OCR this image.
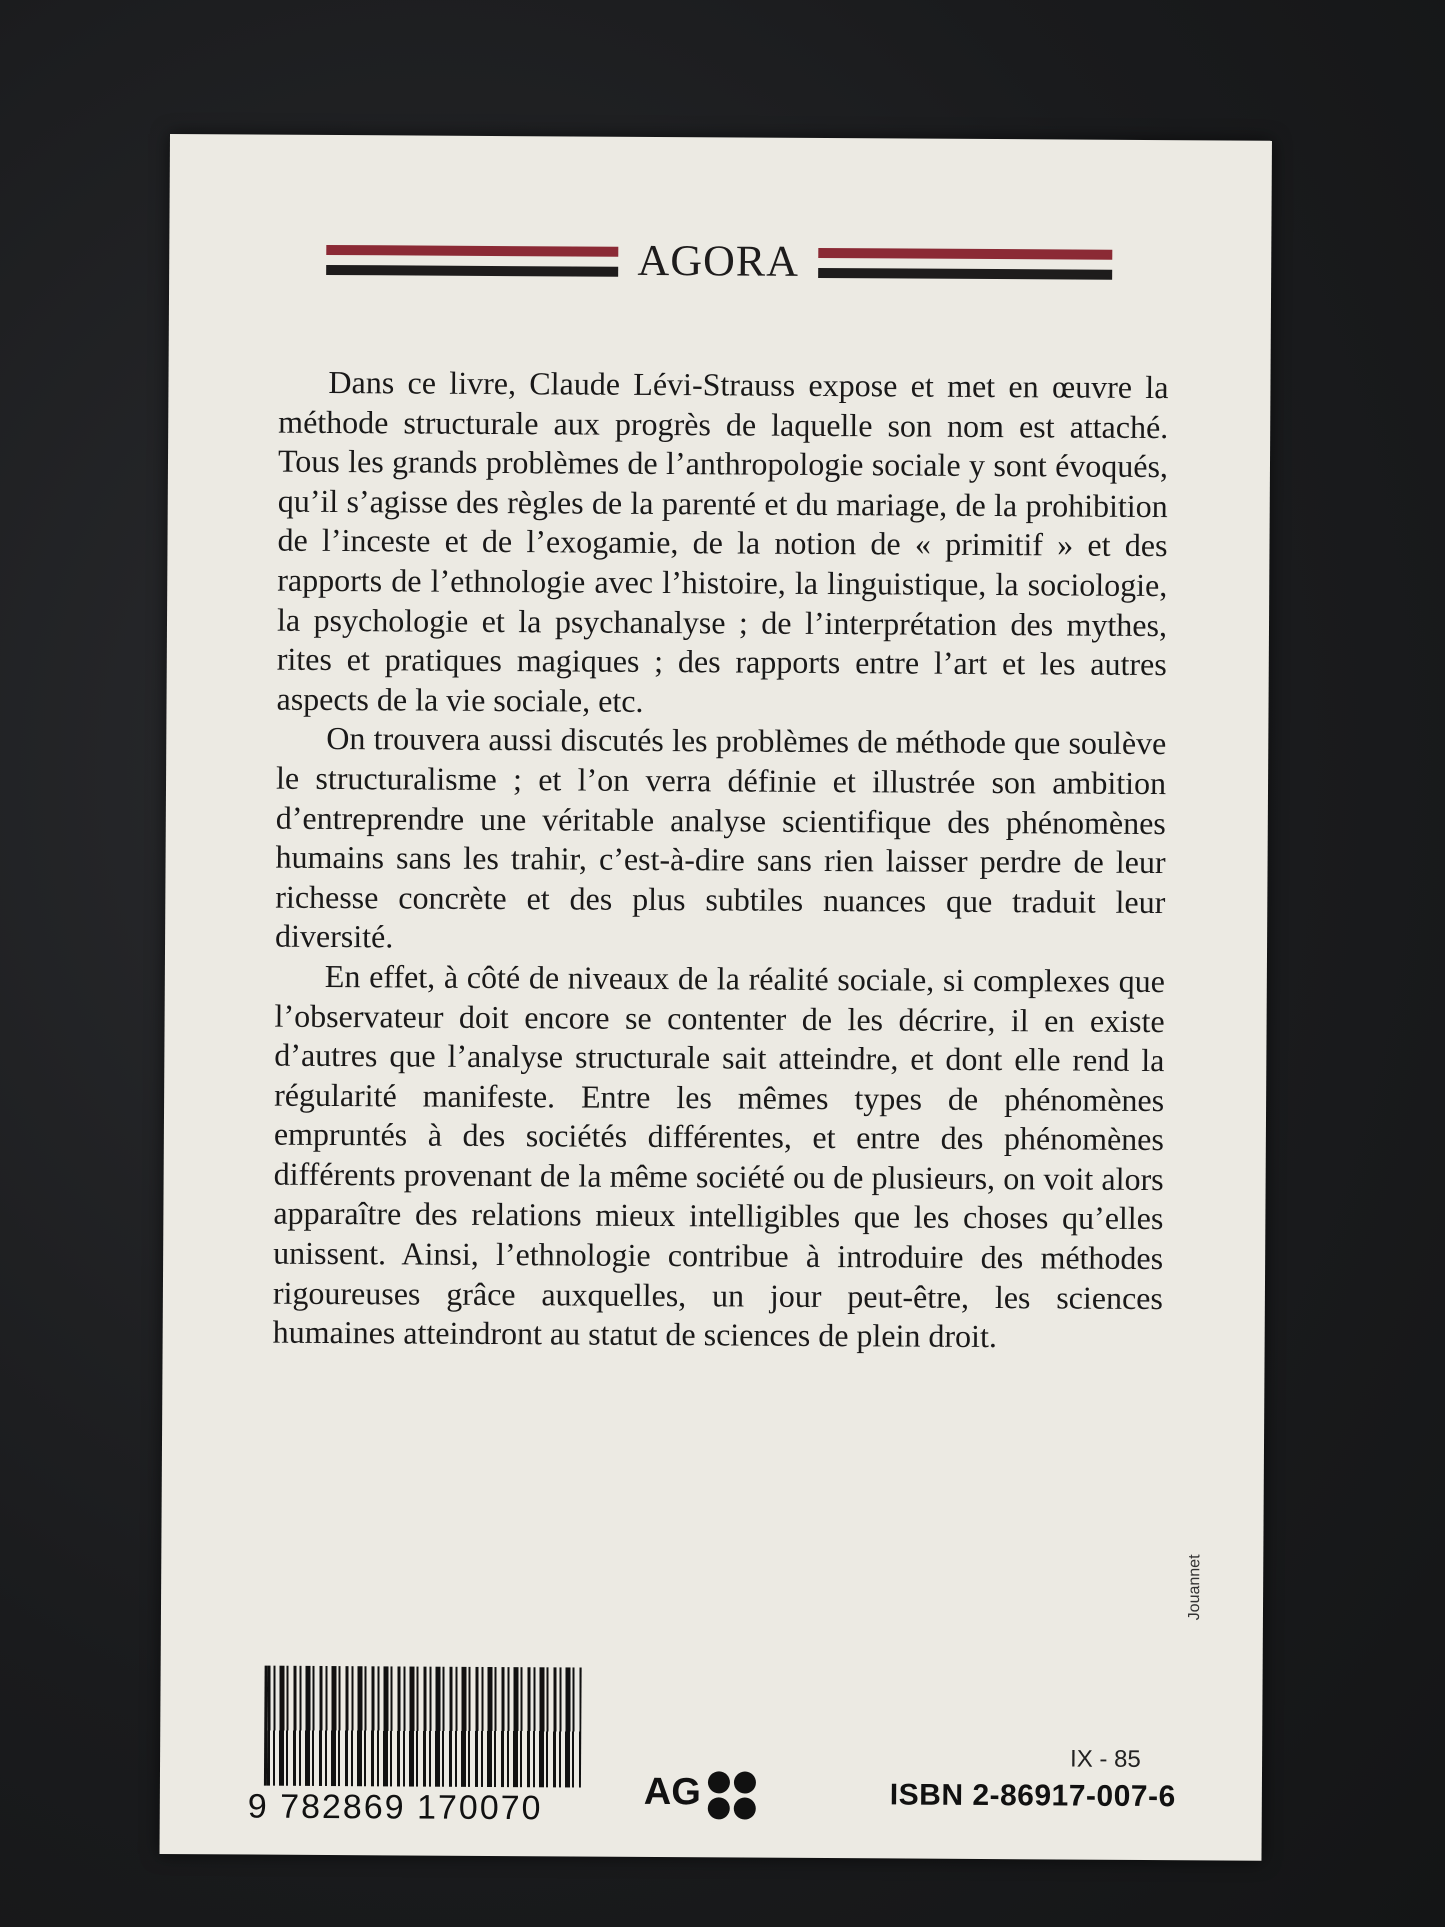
AGORA

Dans ce livre, Claude Lévi-Strauss expose et met en œuvre la méthode structurale aux progrès de laquelle son nom est attaché. Tous les grands problèmes de l’anthropologie sociale y sont évoqués, qu’il s’agisse des règles de la parenté et du mariage, de la prohibition de l’inceste et de l’exogamie, de la notion de « primitif » et des rapports de l’ethnologie avec l’histoire, la linguistique, la sociologie, la psychologie et la psychanalyse ; de l’interprétation des mythes, rites et pratiques magiques ; des rapports entre l’art et les autres aspects de la vie sociale, etc.

On trouvera aussi discutés les problèmes de méthode que soulève le structuralisme ; et l’on verra définie et illustrée son ambition d’entreprendre une véritable analyse scientifique des phénomènes humains sans les trahir, c’est-à-dire sans rien laisser perdre de leur richesse concrète et des plus subtiles nuances que traduit leur diversité.

En effet, à côté de niveaux de la réalité sociale, si complexes que l’observateur doit encore se contenter de les décrire, il en existe d’autres que l’analyse structurale sait atteindre, et dont elle rend la régularité manifeste. Entre les mêmes types de phénomènes empruntés à des sociétés différentes, et entre des phénomènes différents provenant de la même société ou de plusieurs, on voit alors apparaître des relations mieux intelligibles que les choses qu’elles unissent. Ainsi, l’ethnologie contribue à introduire des méthodes rigoureuses grâce auxquelles, un jour peut-être, les sciences humaines atteindront au statut de sciences de plein droit.

9 782869 170070	AG
IX - 85
ISBN 2-86917-007-6
Jouannet
